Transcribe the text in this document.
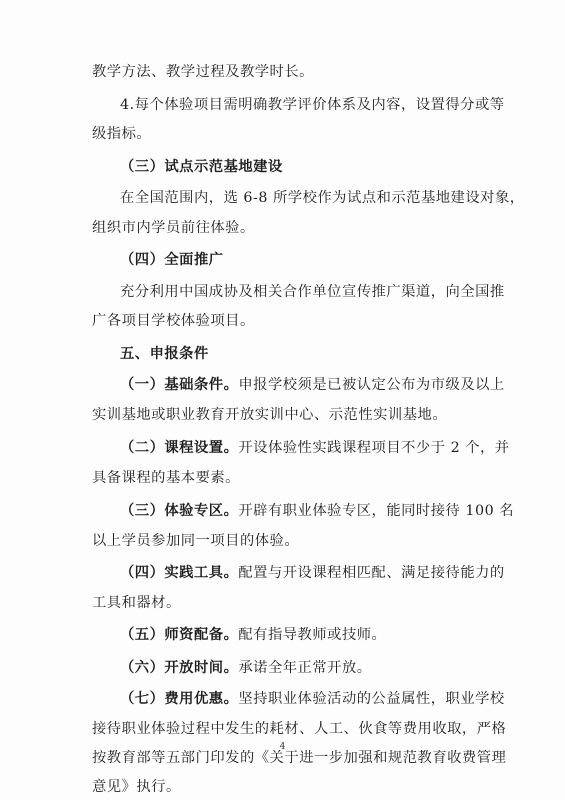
教学方法、教学过程及教学时长。
4.每个体验项目需明确教学评价体系及内容，设置得分或等
级指标。
（三）试点示范基地建设
在全国范围内，选 6-8 所学校作为试点和示范基地建设对象，
组织市内学员前往体验。
（四）全面推广
充分利用中国成协及相关合作单位宣传推广渠道，向全国推
广各项目学校体验项目。
五、申报条件
（一）基础条件。申报学校须是已被认定公布为市级及以上
实训基地或职业教育开放实训中心、示范性实训基地。
（二）课程设置。开设体验性实践课程项目不少于 2 个，并
具备课程的基本要素。
（三）体验专区。开辟有职业体验专区，能同时接待 100 名
以上学员参加同一项目的体验。
（四）实践工具。配置与开设课程相匹配、满足接待能力的
工具和器材。
（五）师资配备。配有指导教师或技师。
（六）开放时间。承诺全年正常开放。
（七）费用优惠。坚持职业体验活动的公益属性，职业学校
接待职业体验过程中发生的耗材、人工、伙食等费用收取，严格
按教育部等五部门印发的《关于进一步加强和规范教育收费管理
意见》执行。
4
